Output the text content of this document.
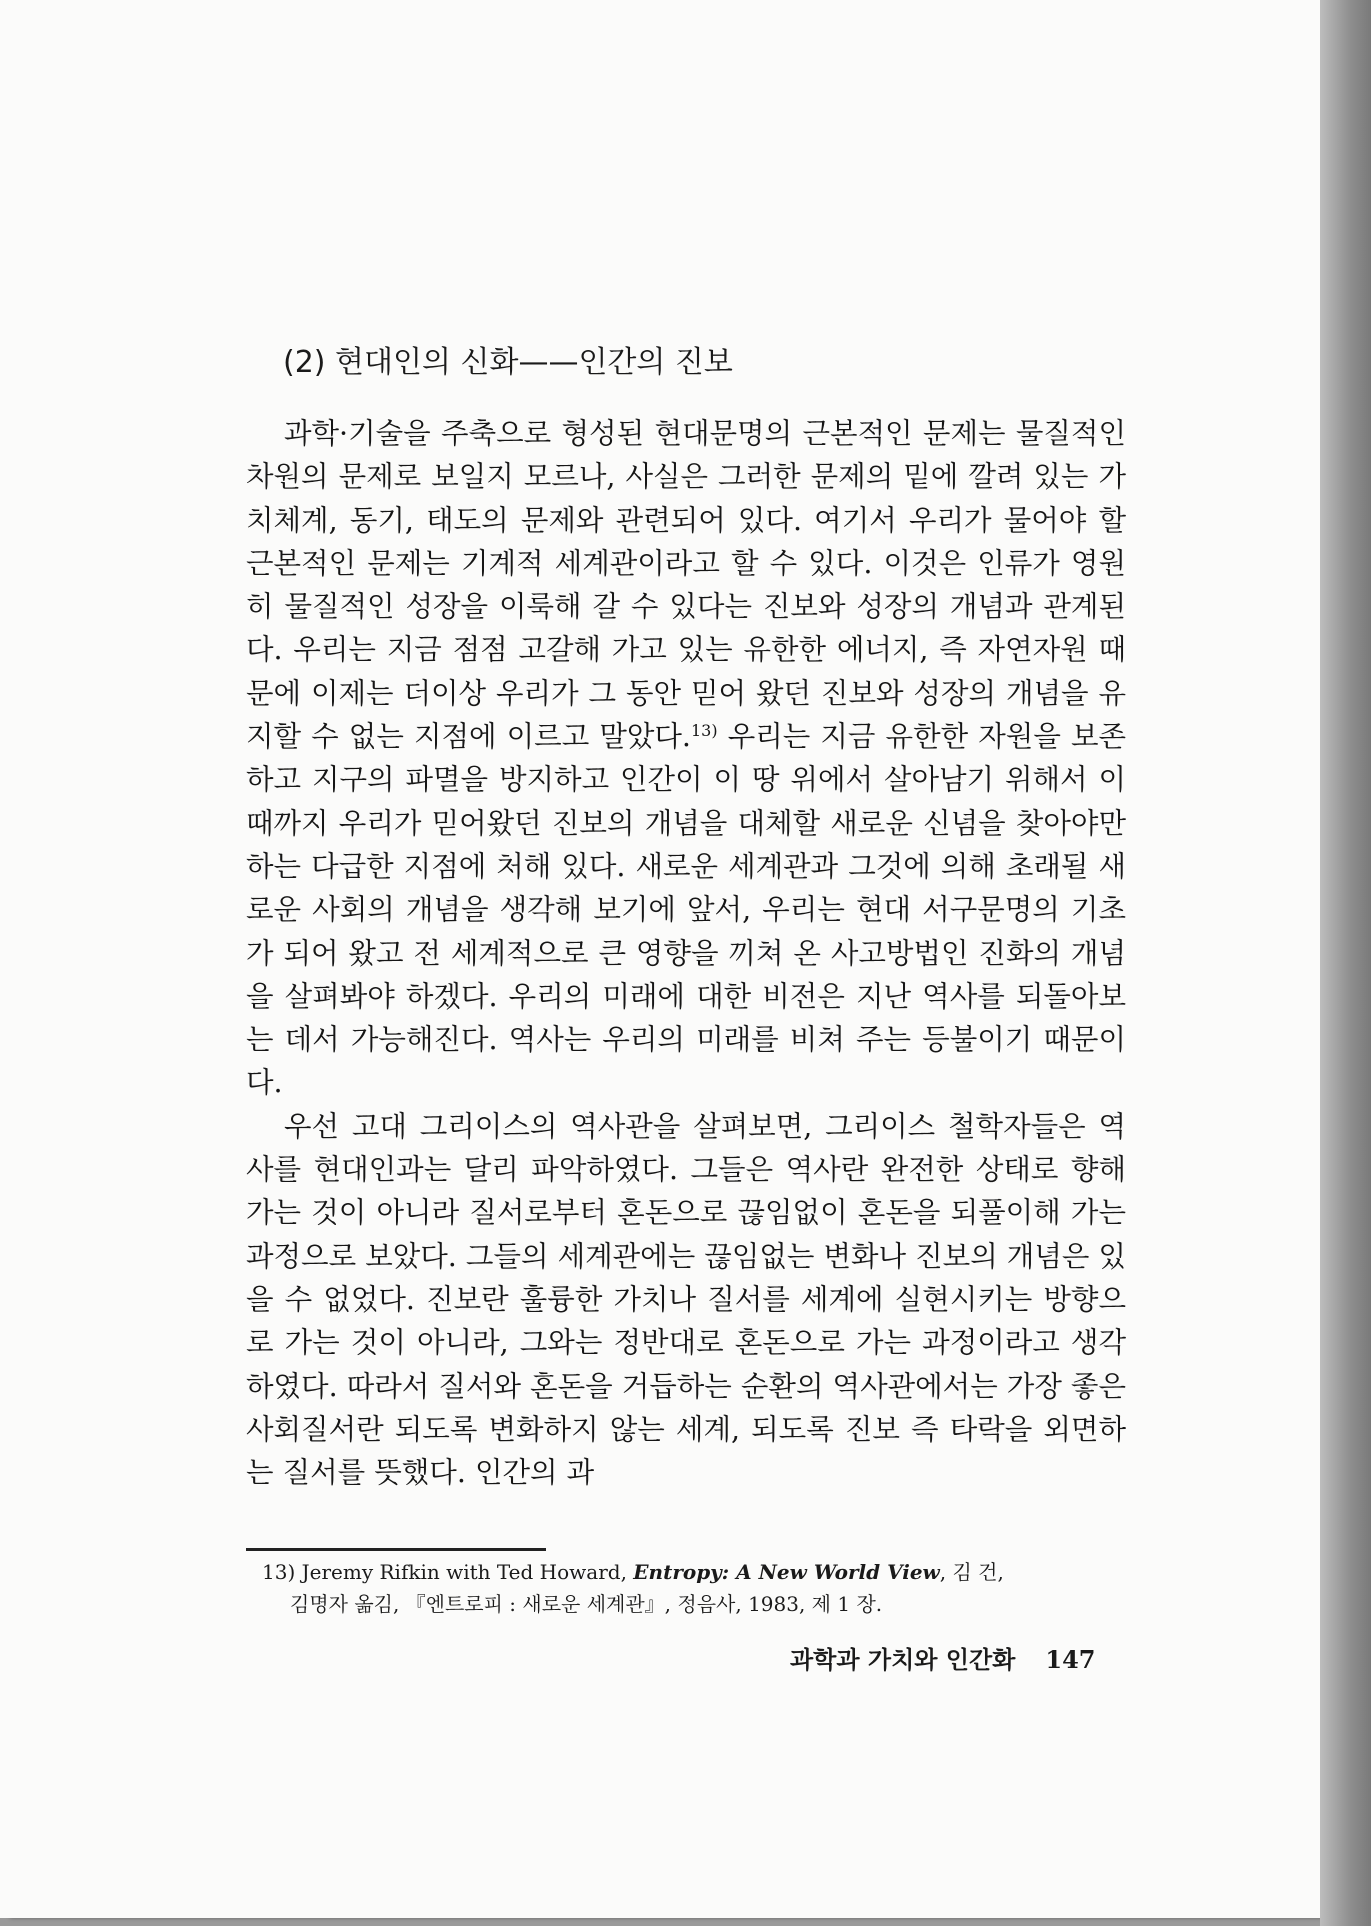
(2) 현대인의 신화——인간의 진보

과학·기술을 주축으로 형성된 현대문명의 근본적인 문제는 물질적인 차원의 문제로 보일지 모르나, 사실은 그러한 문제의 밑에 깔려 있는 가치체계, 동기, 태도의 문제와 관련되어 있다. 여기서 우리가 물어야 할 근본적인 문제는 기계적 세계관이라고 할 수 있다. 이것은 인류가 영원히 물질적인 성장을 이룩해 갈 수 있다는 진보와 성장의 개념과 관계된다. 우리는 지금 점점 고갈해 가고 있는 유한한 에너지, 즉 자연자원 때문에 이제는 더이상 우리가 그 동안 믿어 왔던 진보와 성장의 개념을 유지할 수 없는 지점에 이르고 말았다.$^{13)}$ 우리는 지금 유한한 자원을 보존하고 지구의 파멸을 방지하고 인간이 이 땅 위에서 살아남기 위해서 이때까지 우리가 믿어왔던 진보의 개념을 대체할 새로운 신념을 찾아야만 하는 다급한 지점에 처해 있다. 새로운 세계관과 그것에 의해 초래될 새로운 사회의 개념을 생각해 보기에 앞서, 우리는 현대 서구문명의 기초가 되어 왔고 전 세계적으로 큰 영향을 끼쳐 온 사고방법인 진화의 개념을 살펴봐야 하겠다. 우리의 미래에 대한 비전은 지난 역사를 되돌아보는 데서 가능해진다. 역사는 우리의 미래를 비쳐 주는 등불이기 때문이다.

우선 고대 그리이스의 역사관을 살펴보면, 그리이스 철학자들은 역사를 현대인과는 달리 파악하였다. 그들은 역사란 완전한 상태로 향해 가는 것이 아니라 질서로부터 혼돈으로 끊임없이 혼돈을 되풀이해 가는 과정으로 보았다. 그들의 세계관에는 끊임없는 변화나 진보의 개념은 있을 수 없었다. 진보란 훌륭한 가치나 질서를 세계에 실현시키는 방향으로 가는 것이 아니라, 그와는 정반대로 혼돈으로 가는 과정이라고 생각하였다. 따라서 질서와 혼돈을 거듭하는 순환의 역사관에서는 가장 좋은 사회질서란 되도록 변화하지 않는 세계, 되도록 진보 즉 타락을 외면하는 질서를 뜻했다. 인간의 과

13) Jeremy Rifkin with Ted Howard, Entropy: A New World View, 김 건,
김명자 옮김, 『엔트로피 : 새로운 세계관』, 정음사, 1983, 제 1 장.
과학과 가치와 인간화 147
